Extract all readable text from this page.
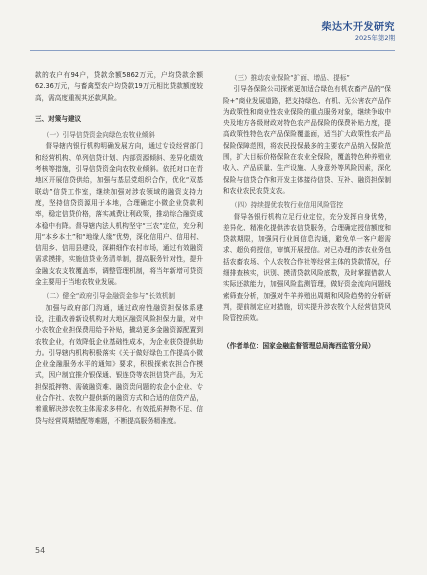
柴达木开发研究
2025年第2期

款的农户有94户，贷款余额5862万元，户均贷款余额62.36万元，与畜禽型农户均贷款19万元相比贷款额度较高，需高度重视其还款风险。

三、对策与建议

（一）引导信贷资金向绿色农牧业倾斜

督导辖内银行机构明确发展方向，通过专设经营部门和经营机构、单列信贷计划、内部资源倾斜、差异化绩效考核等措施，引导信贷资金向农牧业倾斜。依托对口在青地区开展信贷供给，加强与基层党组织合作，优化“双基联动”信贷工作室，继续加强对涉农领域的融资支持力度，坚持信贷资源用于本地，合理确定小微企业贷款利率，稳定信贷价格，落实减费让利政策，推动综合融资成本稳中有降。督导辖内法人机构坚守“三农”定位，充分利用“本乡本土”和“地缘人缘”优势，深化信用户、信用村、信用乡、信用县建设，深耕细作农村市场，通过有效融资需求摸排，实施信贷业务清单制，提高服务针对性，提升金融支农支牧覆盖率，调整管理机制，将当年新增可贷资金主要用于当地农牧业发展。

（二）健全“政府引导金融资金参与”长效机制

加强与政府部门沟通，通过政府性融资担保体系建设，注重改善新设机构对大地区融资风险担保力量，对中小农牧企业担保费用给予补贴，撬动更多金融资源配置到农牧企业，有效降低企业基础性成本，为企业获贷提供助力。引导辖内机构积极落实《关于做好绿色工作提高小微企业金融服务水平的通知》要求，积极探索农担合作模式，因户制宜推介银保通、银连贷等农担信贷产品，为无担保抵押物、需破融资难、融资贵问题的农企小企业、专业合作社、农牧户提供新的融资方式和合适的信贷产品，着重解决涉农牧主体需求多样化、有效抵质押物不足、信贷与经营周期错配等难题，不断提高服务精准度。

（三）推动农业保险“扩面、增品、提标”

引导各保险公司探索更加适合绿色有机农畜产品的“保险+”商业发展道路，把支持绿色、有机、无公害农产品作为政策性和商业性农业保险的重点服务对象，继续争取中央及地方各级财政对特色农产品保险的保费补贴力度，提高政策性特色农产品保险覆盖面，适当扩大政策性农产品保险保障范围，将农民投保最多的主要农产品纳入保险范围，扩大目标价格保险在农业全保险，覆盖特色种养殖业收入、产品质量、生产设施、人身意外等风险因素，深化保险与信贷合作和开发主体接待信贷、互补、融资担保制和农业农民农贷支农。

（四）持续提优农牧行业信用风险管控

督导各银行机构立足行业定位，充分发挥自身优势，差异化、精准化提供涉农信贷服务，合理确定授信额度和贷款期限，加强同行业间信息沟通，避免单一客户超需求、超负荷授信，审慎开展授信。对已办理的涉农业务包括农畜农场、个人农牧合作社等经营主体的贷款情况，仔细排查核实，识别、摸清贷款风险底数，及时掌握借款人实际还款能力，加强风险监测管理，做好资金流向问题线索筛查分析，加强对牛羊养殖出周期和风险趋势的分析研判，提前制定应对措施，切实提升涉农牧个人经营信贷风险管控质效。

（作者单位：国家金融监督管理总局海西监管分局）

54
